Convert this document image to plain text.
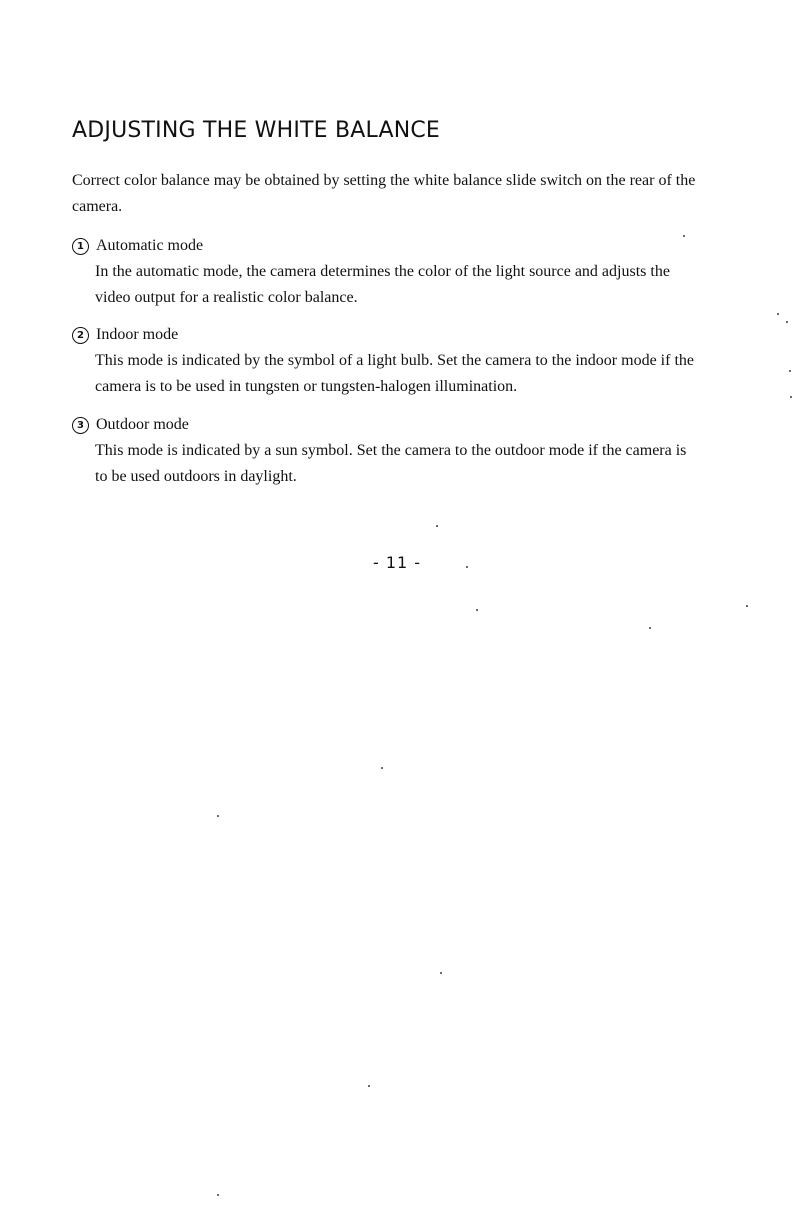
ADJUSTING THE WHITE BALANCE

Correct color balance may be obtained by setting the white balance slide switch on the rear of the camera.

1 Automatic mode
In the automatic mode, the camera determines the color of the light source and adjusts the video output for a realistic color balance.
2 Indoor mode
This mode is indicated by the symbol of a light bulb. Set the camera to the indoor mode if the camera is to be used in tungsten or tungsten-halogen illumination.
3 Outdoor mode
This mode is indicated by a sun symbol. Set the camera to the outdoor mode if the camera is to be used outdoors in daylight.
- 11 -
